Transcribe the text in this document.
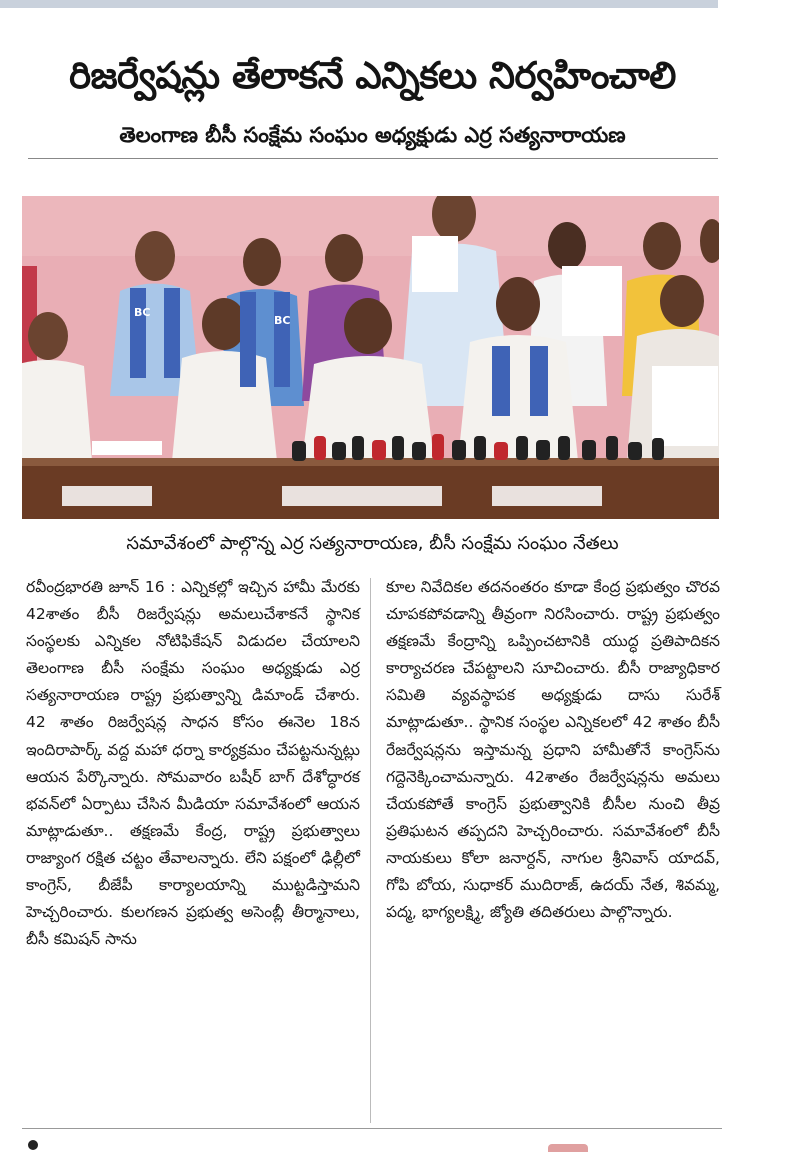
రిజర్వేషన్లు తేలాకనే ఎన్నికలు నిర్వహించాలి
తెలంగాణ బీసీ సంక్షేమ సంఘం అధ్యక్షుడు ఎర్ర సత్యనారాయణ
BC
BC
సమావేశంలో పాల్గొన్న ఎర్ర సత్యనారాయణ, బీసీ సంక్షేమ సంఘం నేతలు
రవీంద్రభారతి జూన్ 16 : ఎన్నికల్లో ఇచ్చిన హామీ మేరకు 42శాతం బీసీ రిజర్వేషన్లు అమలుచేశాకనే స్థానిక సంస్థలకు ఎన్నికల నోటిఫికేషన్ విడుదల చేయాలని తెలంగాణ బీసీ సంక్షేమ సంఘం అధ్యక్షుడు ఎర్ర సత్యనారాయణ రాష్ట్ర ప్రభుత్వాన్ని డిమాండ్ చేశారు. 42 శాతం రిజర్వేషన్ల సాధన కోసం ఈనెల 18న ఇందిరాపార్క్ వద్ద మహా ధర్నా కార్యక్రమం చేపట్టనున్నట్లు ఆయన పేర్కొన్నారు. సోమవారం బషీర్ బాగ్ దేశోద్ధారక భవన్‌లో ఏర్పాటు చేసిన మీడియా సమావేశంలో ఆయన మాట్లాడుతూ.. తక్షణమే కేంద్ర, రాష్ట్ర ప్రభుత్వాలు రాజ్యాంగ రక్షిత చట్టం తేవాలన్నారు. లేని పక్షంలో ఢిల్లీలో కాంగ్రెస్, బీజేపీ కార్యాలయాన్ని ముట్టడిస్తామని హెచ్చరించారు. కులగణన ప్రభుత్వ అసెంబ్లీ తీర్మానాలు, బీసీ కమిషన్ సాను
కూల నివేదికల తదనంతరం కూడా కేంద్ర ప్రభుత్వం చొరవ చూపకపోవడాన్ని తీవ్రంగా నిరసించారు. రాష్ట్ర ప్రభుత్వం తక్షణమే కేంద్రాన్ని ఒప్పించటానికి యుద్ధ ప్రతిపాదికన కార్యాచరణ చేపట్టాలని సూచించారు. బీసీ రాజ్యాధికార సమితి వ్యవస్థాపక అధ్యక్షుడు దాసు సురేశ్ మాట్లాడుతూ.. స్థానిక సంస్థల ఎన్నికలలో 42 శాతం బీసీ రేజర్వేషన్లను ఇస్తామన్న ప్రధాని హామీతోనే కాంగ్రెస్‌ను గద్దెనెక్కించామన్నారు. 42శాతం రేజర్వేషన్లను అమలు చేయకపోతే కాంగ్రెస్ ప్రభుత్వానికి బీసీల నుంచి తీవ్ర ప్రతిఘటన తప్పదని హెచ్చరించారు. సమావేశంలో బీసీ నాయకులు కోలా జనార్దన్, నాగుల శ్రీనివాస్ యాదవ్, గోపి బోయ, సుధాకర్ ముదిరాజ్, ఉదయ్ నేత, శివమ్మ, పద్మ, భాగ్యలక్ష్మి, జ్యోతి తదితరులు పాల్గొన్నారు.
